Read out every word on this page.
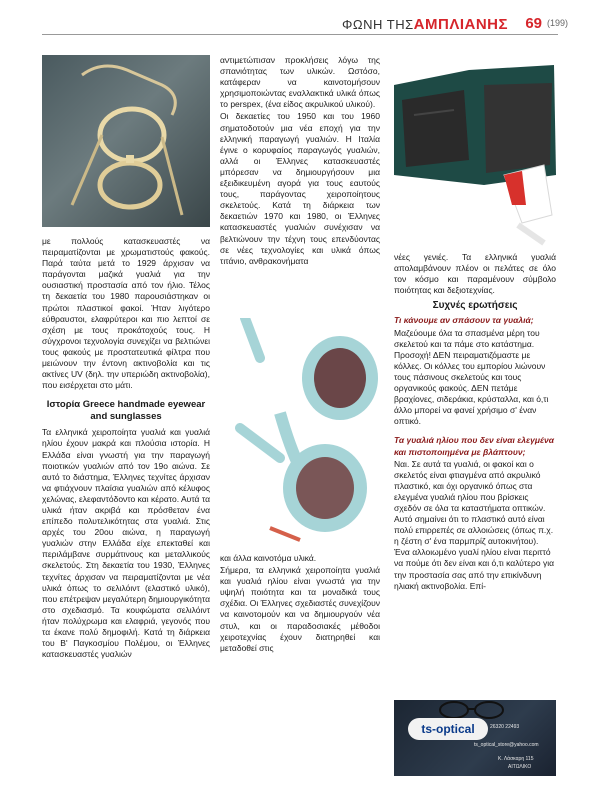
ΦΩΝΗ ΤΗΣΑΜΠΛΙΑΝΗΣ 69 (199)

με πολλούς κατασκευαστές να πειραματίζονται με χρωματιστούς φακούς. Παρά ταύτα μετά το 1929 άρχισαν να παράγονται μαζικά γυαλιά για την ουσιαστική προστασία από τον ήλιο. Τέλος τη δεκαετία του 1980 παρουσιάστηκαν οι πρώτοι πλαστικοί φακοί. Ήταν λιγότερο εύθραυστοι, ελαφρύτεροι και πιο λεπτοί σε σχέση με τους προκάτοχούς τους. Η σύγχρονοι τεχνολογία συνεχίζει να βελτιώνει τους φακούς με προστατευτικά φίλτρα που μειώνουν την έντονη ακτινοβολία και τις ακτίνες UV (δηλ. την υπεριώδη ακτινοβολία), που εισέρχεται στο μάτι.

Ιστορία Greece handmade eyewear and sunglasses

Τα ελληνικά χειροποίητα γυαλιά και γυαλιά ηλίου έχουν μακρά και πλούσια ιστορία. Η Ελλάδα είναι γνωστή για την παραγωγή ποιοτικών γυαλιών από τον 19ο αιώνα. Σε αυτό το διάστημα, Έλληνες τεχνίτες άρχισαν να φτιάχνουν πλαίσια γυαλιών από κέλυφος χελώνας, ελεφαντόδοντο και κέρατο. Αυτά τα υλικά ήταν ακριβά και πρόσθεταν ένα επίπεδο πολυτελικότητας στα γυαλιά. Στις αρχές του 20ου αιώνα, η παραγωγή γυαλιών στην Ελλάδα είχε επεκταθεί και περιλάμβανε συρμάτινους και μεταλλικούς σκελετούς. Στη δεκαετία του 1930, Έλληνες τεχνίτες άρχισαν να πειραματίζονται με νέα υλικά όπως το σελιλόιντ (ελαστικό υλικό), που επέτρεψαν μεγαλύτερη δημιουργικότητα στο σχεδιασμό. Τα κουφώματα σελιλόιντ ήταν πολύχρωμα και ελαφριά, γεγονός που τα έκανε πολύ δημοφιλή. Κατά τη διάρκεια του Β' Παγκοσμίου Πολέμου, οι Έλληνες κατασκευαστές γυαλιών

αντιμετώπισαν προκλήσεις λόγω της σπανιότητας των υλικών. Ωστόσο, κατάφεραν να καινοτομήσουν χρησιμοποιώντας εναλλακτικά υλικά όπως το perspex, (ένα είδος ακρυλικού υλικού).

Οι δεκαετίες του 1950 και του 1960 σηματοδοτούν μια νέα εποχή για την ελληνική παραγωγή γυαλιών. Η Ιταλία έγινε ο κορυφαίος παραγωγός γυαλιών, αλλά οι Έλληνες κατασκευαστές μπόρεσαν να δημιουργήσουν μια εξειδικευμένη αγορά για τους εαυτούς τους, παράγοντας χειροποίητους σκελετούς. Κατά τη διάρκεια των δεκαετιών 1970 και 1980, οι Έλληνες κατασκευαστές γυαλιών συνέχισαν να βελτιώνουν την τέχνη τους επενδύοντας σε νέες τεχνολογίες και υλικά όπως τιτάνιο, ανθρακονήματα

και άλλα καινοτόμα υλικά.

Σήμερα, τα ελληνικά χειροποίητα γυαλιά και γυαλιά ηλίου είναι γνωστά για την υψηλή ποιότητα και τα μοναδικά τους σχέδια. Οι Έλληνες σχεδιαστές συνεχίζουν να καινοτομούν και να δημιουργούν νέα στυλ, και οι παραδοσιακές μέθοδοι χειροτεχνίας έχουν διατηρηθεί και μεταδοθεί στις

νέες γενιές. Τα ελληνικά γυαλιά απολαμβάνουν πλέον οι πελάτες σε όλο τον κόσμο και παραμένουν σύμβολο ποιότητας και δεξιοτεχνίας.

Συχνές ερωτήσεις

Τι κάνουμε αν σπάσουν τα γυαλιά;

Μαζεύουμε όλα τα σπασμένα μέρη του σκελετού και τα πάμε στο κατάστημα. Προσοχή! ΔΕΝ πειραματιζόμαστε με κόλλες. Οι κόλλες του εμπορίου λιώνουν τους πάσινους σκελετούς και τους οργανικούς φακούς. ΔΕΝ πετάμε βραχίονες, σιδεράκια, κρύσταλλα, και ό,τι άλλο μπορεί να φανεί χρήσιμο σ' έναν οπτικό.

Τα γυαλιά ηλίου που δεν είναι ελεγμένα και πιστοποιημένα με βλάπτουν;

Ναι. Σε αυτά τα γυαλιά, οι φακοί και ο σκελετός είναι φτιαγμένα από ακρυλικό πλαστικό, και όχι οργανικό όπως στα ελεγμένα γυαλιά ηλίου που βρίσκεις σχεδόν σε όλα τα καταστήματα οπτικών. Αυτό σημαίνει ότι το πλαστικό αυτό είναι πολύ επιρρεπές σε αλλοιώσεις (όπως π.χ. η ζέστη σ' ένα παρμπρίζ αυτοκινήτου). Ένα αλλοιωμένο γυαλί ηλίου είναι περιττό να πούμε ότι δεν είναι και ό,τι καλύτερο για την προστασία σας από την επικίνδυνη ηλιακή ακτινοβολία. Επί-

ts-optical	26320 22493
ts_optical_store@yahoo.com
Κ. Λάσκαρη 115
ΑΙΤΩΛΙΚΟ
